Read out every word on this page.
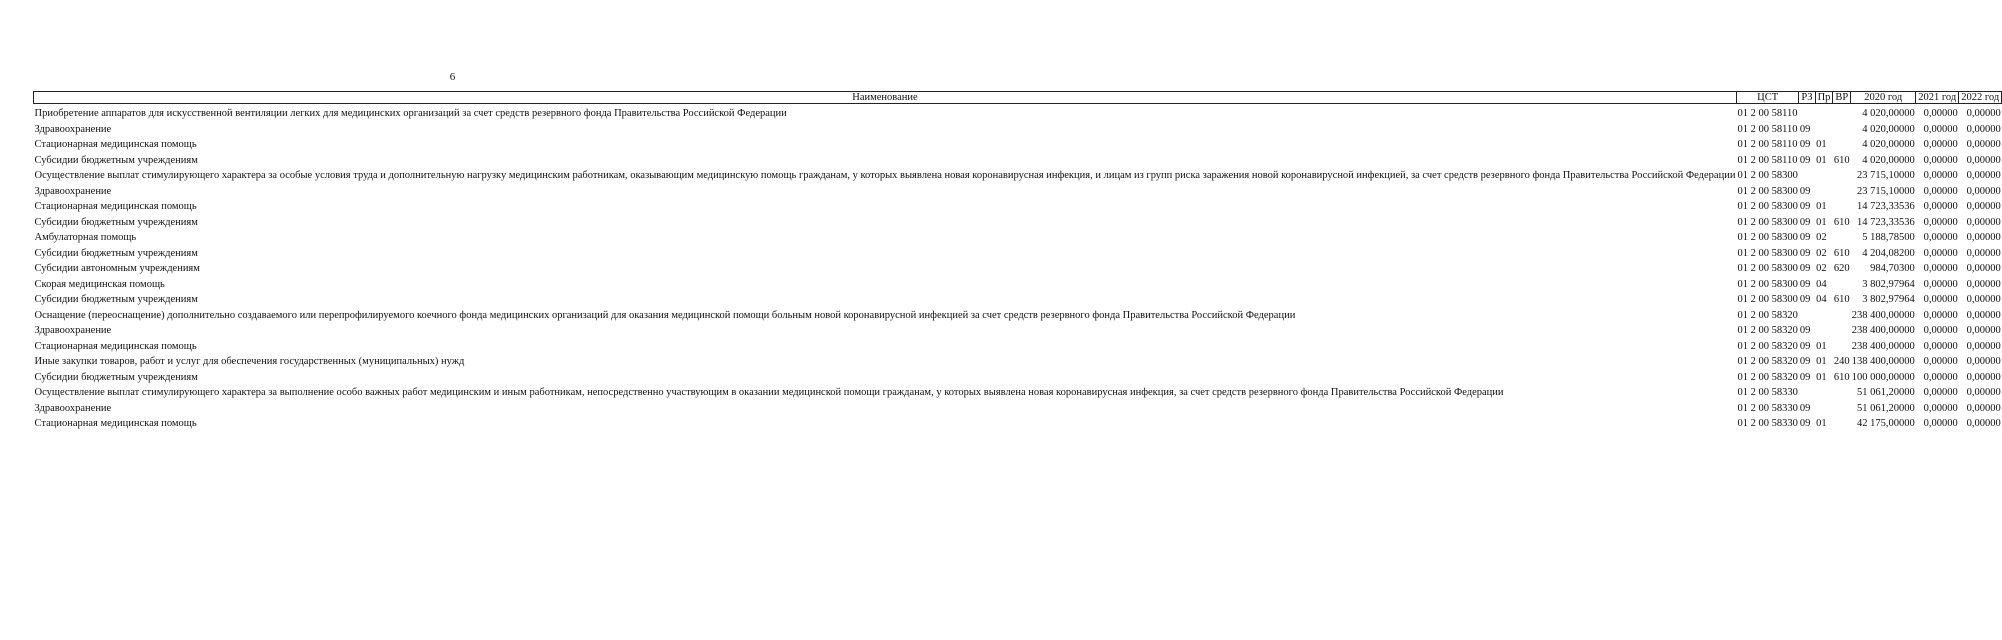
6
Наименование	ЦСТ	РЗ	Пр	ВР	2020 год	2021 год	2022 год
Приобретение аппаратов для искусственной вентиляции легких для медицинских организаций за счет средств резервного фонда Правительства Российской Федерации	01 2 00 58110				4 020,00000	0,00000	0,00000
Здравоохранение	01 2 00 58110	09			4 020,00000	0,00000	0,00000
Стационарная медицинская помощь	01 2 00 58110	09	01		4 020,00000	0,00000	0,00000
Субсидии бюджетным учреждениям	01 2 00 58110	09	01	610	4 020,00000	0,00000	0,00000
Осуществление выплат стимулирующего характера за особые условия труда и дополнительную нагрузку медицинским работникам, оказывающим медицинскую помощь гражданам, у которых выявлена новая коронавирусная инфекция, и лицам из групп риска заражения новой коронавирусной инфекцией, за счет средств резервного фонда Правительства Российской Федерации	01 2 00 58300				23 715,10000	0,00000	0,00000
Здравоохранение	01 2 00 58300	09			23 715,10000	0,00000	0,00000
Стационарная медицинская помощь	01 2 00 58300	09	01		14 723,33536	0,00000	0,00000
Субсидии бюджетным учреждениям	01 2 00 58300	09	01	610	14 723,33536	0,00000	0,00000
Амбулаторная помощь	01 2 00 58300	09	02		5 188,78500	0,00000	0,00000
Субсидии бюджетным учреждениям	01 2 00 58300	09	02	610	4 204,08200	0,00000	0,00000
Субсидии автономным учреждениям	01 2 00 58300	09	02	620	984,70300	0,00000	0,00000
Скорая медицинская помощь	01 2 00 58300	09	04		3 802,97964	0,00000	0,00000
Субсидии бюджетным учреждениям	01 2 00 58300	09	04	610	3 802,97964	0,00000	0,00000
Оснащение (переоснащение) дополнительно создаваемого или перепрофилируемого коечного фонда медицинских организаций для оказания медицинской помощи больным новой коронавирусной инфекцией за счет средств резервного фонда Правительства Российской Федерации	01 2 00 58320				238 400,00000	0,00000	0,00000
Здравоохранение	01 2 00 58320	09			238 400,00000	0,00000	0,00000
Стационарная медицинская помощь	01 2 00 58320	09	01		238 400,00000	0,00000	0,00000
Иные закупки товаров, работ и услуг для обеспечения государственных (муниципальных) нужд	01 2 00 58320	09	01	240	138 400,00000	0,00000	0,00000
Субсидии бюджетным учреждениям	01 2 00 58320	09	01	610	100 000,00000	0,00000	0,00000
Осуществление выплат стимулирующего характера за выполнение особо важных работ медицинским и иным работникам, непосредственно участвующим в оказании медицинской помощи гражданам, у которых выявлена новая коронавирусная инфекция, за счет средств резервного фонда Правительства Российской Федерации	01 2 00 58330				51 061,20000	0,00000	0,00000
Здравоохранение	01 2 00 58330	09			51 061,20000	0,00000	0,00000
Стационарная медицинская помощь	01 2 00 58330	09	01		42 175,00000	0,00000	0,00000
